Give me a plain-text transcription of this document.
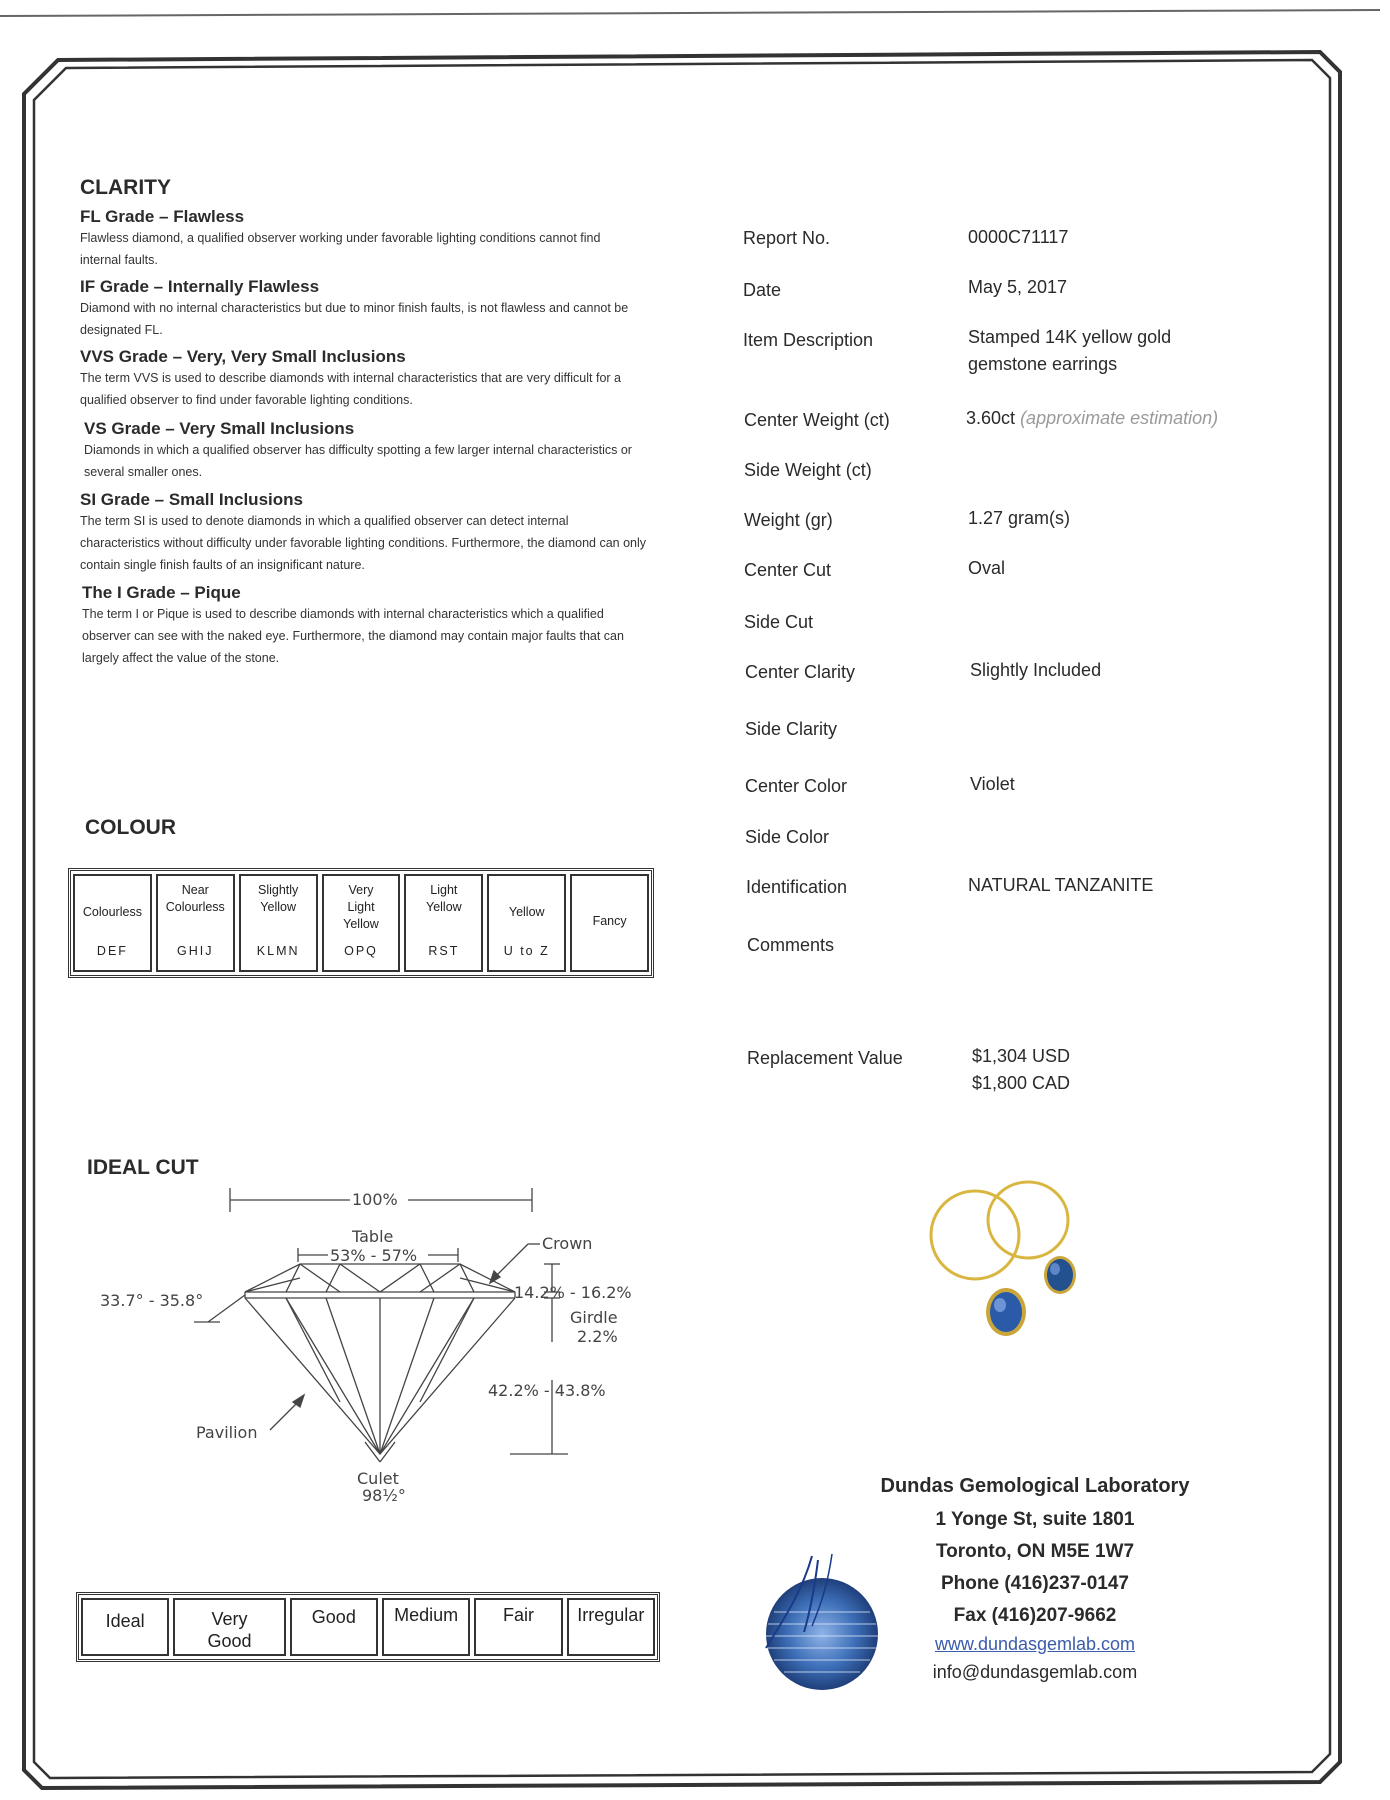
CLARITY
FL Grade – Flawless
Flawless diamond, a qualified observer working under favorable lighting conditions cannot find internal faults.
IF Grade – Internally Flawless
Diamond with no internal characteristics but due to minor finish faults, is not flawless and cannot be designated FL.
VVS Grade – Very, Very Small Inclusions
The term VVS is used to describe diamonds with internal characteristics that are very difficult for a qualified observer to find under favorable lighting conditions.
VS Grade – Very Small Inclusions
Diamonds in which a qualified observer has difficulty spotting a few larger internal characteristics or several smaller ones.
SI Grade – Small Inclusions
The term SI is used to denote diamonds in which a qualified observer can detect internal characteristics without difficulty under favorable lighting conditions. Furthermore, the diamond can only contain single finish faults of an insignificant nature.
The I Grade – Pique
The term I or Pique is used to describe diamonds with internal characteristics which a qualified observer can see with the naked eye. Furthermore, the diamond may contain major faults that can largely affect the value of the stone.
COLOUR
Colourless
DEF
Near Colourless
GHIJ
Slightly Yellow
KLMN
Very Light Yellow
OPQ
Light Yellow
RST
Yellow
U to Z
Fancy
IDEAL CUT
100%
Table
53% - 57%
Crown
33.7° - 35.8°	14.2% - 16.2%
Girdle
2.2%
42.2% - 43.8%
Pavilion
Culet
98½°
Ideal	Very Good
Good	Medium	Fair	Irregular
Report No.	0000C71117
Date	May 5, 2017
Item Description	Stamped 14K yellow gold
gemstone earrings
Center Weight (ct)	3.60ct (approximate estimation)
Side Weight (ct)
Weight (gr)	1.27 gram(s)
Center Cut	Oval
Side Cut
Center Clarity	Slightly Included
Side Clarity
Center Color	Violet
Side Color
Identification	NATURAL TANZANITE
Comments
Replacement Value	$1,304 USD
$1,800 CAD
Dundas Gemological Laboratory
1 Yonge St, suite 1801
Toronto, ON M5E 1W7
Phone (416)237-0147
Fax (416)207-9662
www.dundasgemlab.com
info@dundasgemlab.com
